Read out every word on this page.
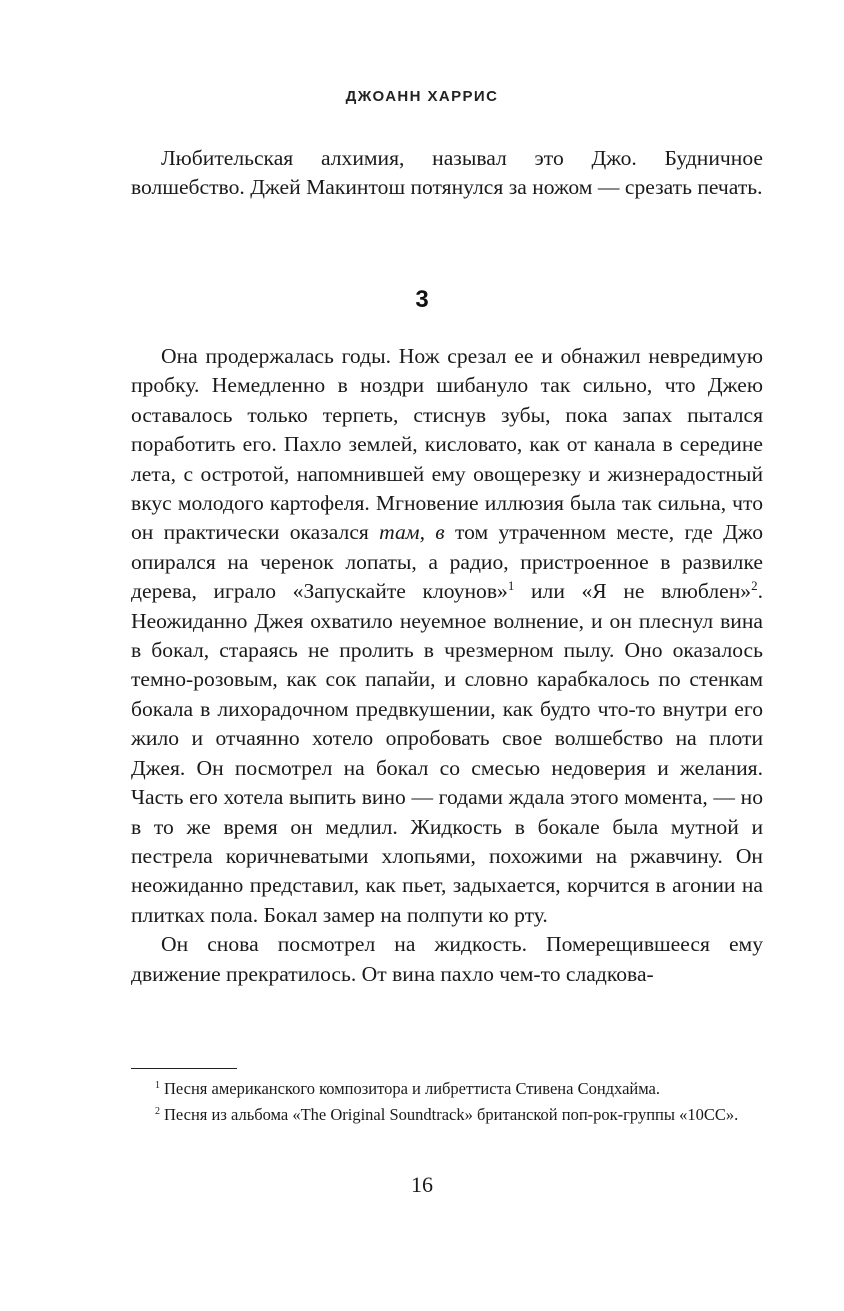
ДЖОАНН ХАРРИС

Любительская алхимия, называл это Джо. Будничное волшебство. Джей Макинтош потянулся за ножом — срезать печать.

3

Она продержалась годы. Нож срезал ее и обнажил невредимую пробку. Немедленно в ноздри шибануло так сильно, что Джею оставалось только терпеть, стиснув зубы, пока запах пытался поработить его. Пахло землей, кисловато, как от канала в середине лета, с остротой, напомнившей ему овощерезку и жизнерадостный вкус молодого картофеля. Мгновение иллюзия была так сильна, что он практически оказался там, в том утраченном месте, где Джо опирался на черенок лопаты, а радио, пристроенное в развилке дерева, играло «Запускайте клоунов»$^1$ или «Я не влюблен»$^2$. Неожиданно Джея охватило неуемное волнение, и он плеснул вина в бокал, стараясь не пролить в чрезмерном пылу. Оно оказалось темно-розовым, как сок папайи, и словно карабкалось по стенкам бокала в лихорадочном предвкушении, как будто что-то внутри его жило и отчаянно хотело опробовать свое волшебство на плоти Джея. Он посмотрел на бокал со смесью недоверия и желания. Часть его хотела выпить вино — годами ждала этого момента, — но в то же время он медлил. Жидкость в бокале была мутной и пестрела коричневатыми хлопьями, похожими на ржавчину. Он неожиданно представил, как пьет, задыхается, корчится в агонии на плитках пола. Бокал замер на полпути ко рту.

Он снова посмотрел на жидкость. Померещившееся ему движение прекратилось. От вина пахло чем-то сладкова-

$^1$ Песня американского композитора и либреттиста Стивена Сондхайма.

$^2$ Песня из альбома «The Original Soundtrack» британской поп-рок-группы «10CC».

16
